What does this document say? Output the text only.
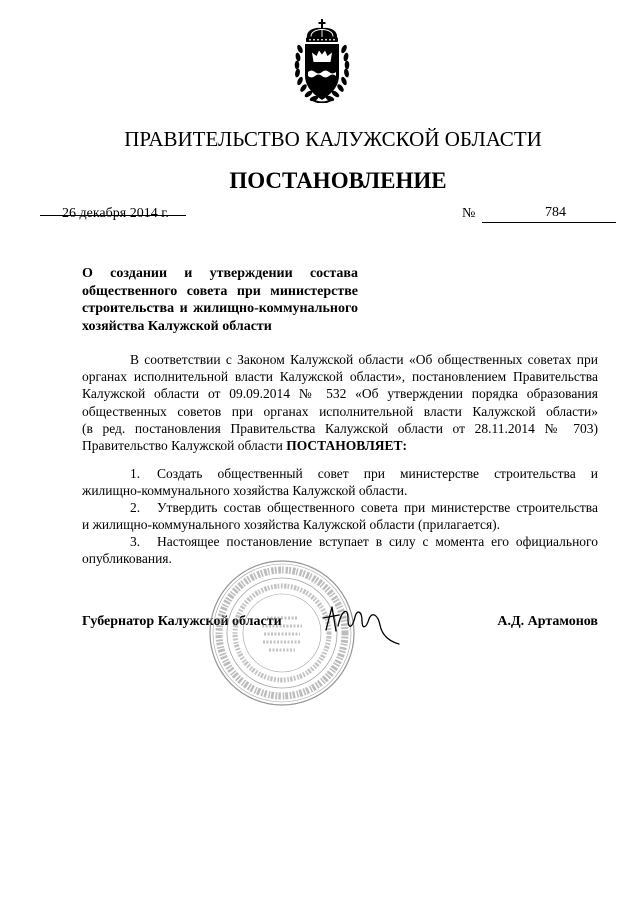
ПРАВИТЕЛЬСТВО КАЛУЖСКОЙ ОБЛАСТИ
ПОСТАНОВЛЕНИЕ
26 декабря 2014 г.	№	784
О создании и утверждении состава
общественного совета при министерстве
строительства и жилищно-коммунального
хозяйства Калужской области
В соответствии с Законом Калужской области «Об общественных советах при
органах исполнительной власти Калужской области», постановлением Правительства
Калужской области от 09.09.2014 № 532 «Об утверждении порядка образования
общественных советов при органах исполнительной власти Калужской области»
(в ред. постановления Правительства Калужской области от 28.11.2014 № 703)
Правительство Калужской области ПОСТАНОВЛЯЕТ:
1.	Создать общественный совет при министерстве строительства и
жилищно-коммунального хозяйства Калужской области.
2.	Утвердить состав общественного совета при министерстве строительства
и жилищно-коммунального хозяйства Калужской области (прилагается).
3.	Настоящее постановление вступает в силу с момента его официального
опубликования.
Губернатор Калужской области	А.Д. Артамонов
